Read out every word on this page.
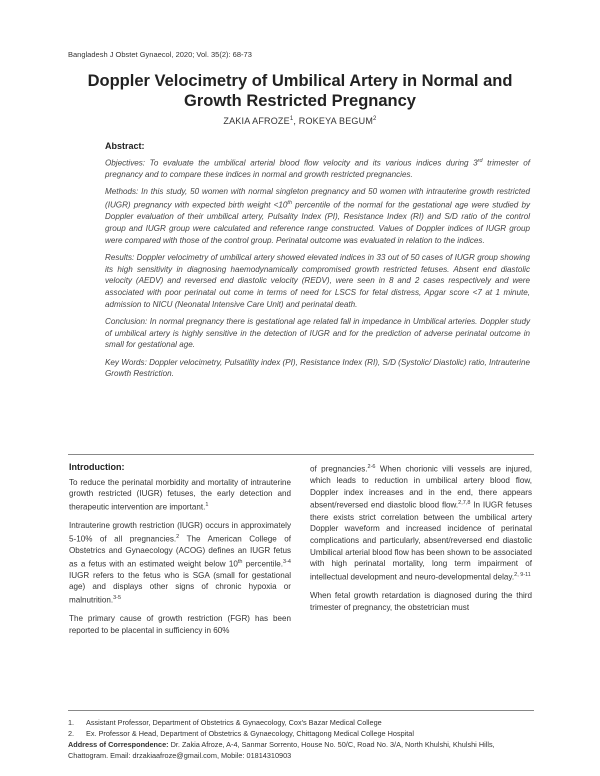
Bangladesh J Obstet Gynaecol, 2020; Vol. 35(2): 68-73
Doppler Velocimetry of Umbilical Artery in Normal and
Growth Restricted Pregnancy
ZAKIA AFROZE$^1$, ROKEYA BEGUM$^2$
Abstract:

Objectives: To evaluate the umbilical arterial blood flow velocity and its various indices during 3rd trimester of pregnancy and to compare these indices in normal and growth restricted pregnancies.

Methods: In this study, 50 women with normal singleton pregnancy and 50 women with intrauterine growth restricted (IUGR) pregnancy with expected birth weight <10th percentile of the normal for the gestational age were studied by Doppler evaluation of their umbilical artery, Pulsality Index (PI), Resistance Index (RI) and S/D ratio of the control group and IUGR group were calculated and reference range constructed. Values of Doppler indices of IUGR group were compared with those of the control group. Perinatal outcome was evaluated in relation to the indices.

Results: Doppler velocimetry of umbilical artery showed elevated indices in 33 out of 50 cases of IUGR group showing its high sensitivity in diagnosing haemodynamically compromised growth restricted fetuses. Absent end diastolic velocity (AEDV) and reversed end diastolic velocity (REDV), were seen in 8 and 2 cases respectively and were associated with poor perinatal out come in terms of need for LSCS for fetal distress, Apgar score <7 at 1 minute, admission to NICU (Neonatal Intensive Care Unit) and perinatal death.

Conclusion: In normal pregnancy there is gestational age related fall in impedance in Umbilical arteries. Doppler study of umbilical artery is highly sensitive in the detection of IUGR and for the prediction of adverse perinatal outcome in small for gestational age.

Key Words: Doppler velocimetry, Pulsatility index (PI), Resistance Index (RI), S/D (Systolic/ Diastolic) ratio, Intrauterine Growth Restriction.

Introduction:

To reduce the perinatal morbidity and mortality of intrauterine growth restricted (IUGR) fetuses, the early detection and therapeutic intervention are important.$^1$

Intrauterine growth restriction (IUGR) occurs in approximately 5-10% of all pregnancies.$^2$ The American College of Obstetrics and Gynaecology (ACOG) defines an IUGR fetus as a fetus with an estimated weight below 10th percentile.$^{3-4}$ IUGR refers to the fetus who is SGA (small for gestational age) and displays other signs of chronic hypoxia or malnutrition.$^{3-5}$

The primary cause of growth restriction (FGR) has been reported to be placental in sufficiency in 60%

of pregnancies.$^{2-6}$ When chorionic villi vessels are injured, which leads to reduction in umbilical artery blood flow, Doppler index increases and in the end, there appears absent/reversed end diastolic blood flow.$^{2,7,8}$ In IUGR fetuses there exists strict correlation between the umbilical artery Doppler waveform and increased incidence of perinatal complications and particularly, absent/reversed end diastolic Umbilical arterial blood flow has been shown to be associated with high perinatal mortality, long term impairment of intellectual development and neuro-developmental delay.$^{2, 9-11}$

When fetal growth retardation is diagnosed during the third trimester of pregnancy, the obstetrician must

1.	Assistant Professor, Department of Obstetrics & Gynaecology, Cox's Bazar Medical College
2.	Ex. Professor & Head, Department of Obstetrics & Gynaecology, Chittagong Medical College Hospital
Address of Correspondence: Dr. Zakia Afroze, A-4, Sanmar Sorrento, House No. 50/C, Road No. 3/A, North Khulshi, Khulshi Hills, Chattogram. Email: drzakiaafroze@gmail.com, Mobile: 01814310903
